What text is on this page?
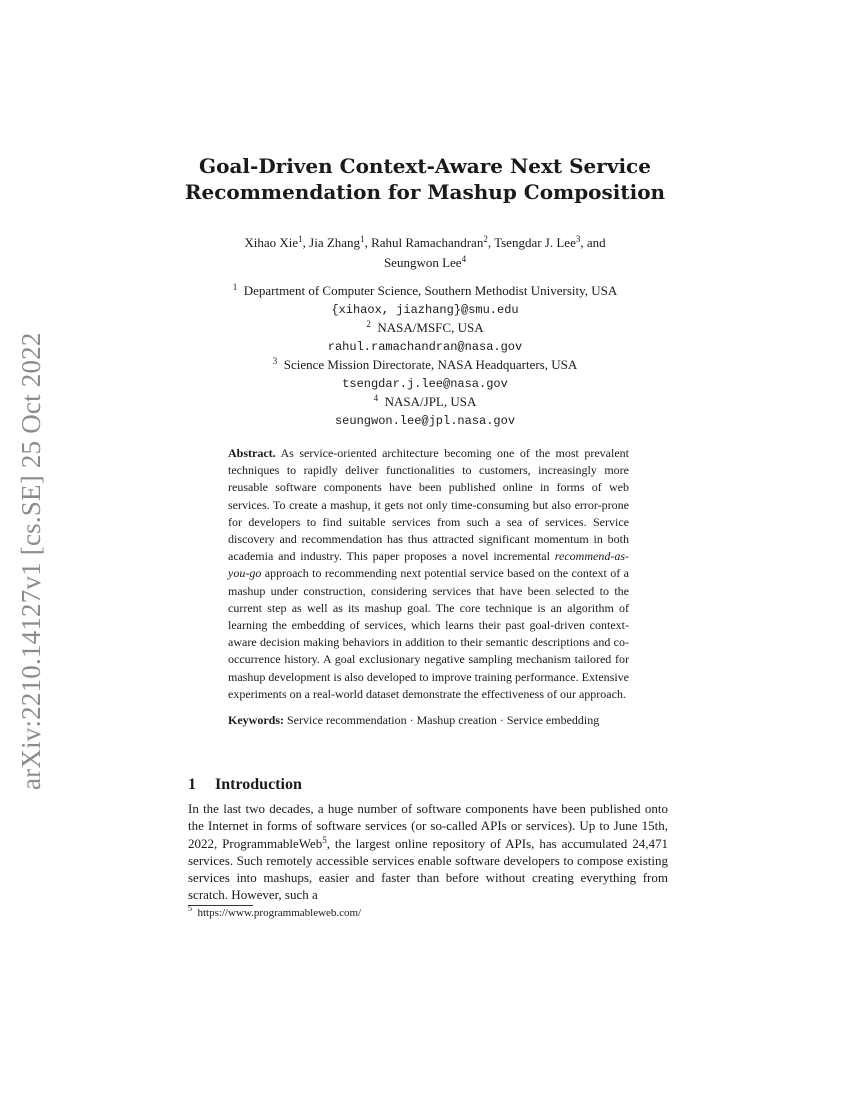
arXiv:2210.14127v1 [cs.SE] 25 Oct 2022
Goal-Driven Context-Aware Next Service
Recommendation for Mashup Composition
Xihao Xie$^1$, Jia Zhang$^1$, Rahul Ramachandran$^2$, Tsengdar J. Lee$^3$, and
Seungwon Lee$^4$
$^1$ Department of Computer Science, Southern Methodist University, USA
{xihaox, jiazhang}@smu.edu
$^2$ NASA/MSFC, USA
rahul.ramachandran@nasa.gov
$^3$ Science Mission Directorate, NASA Headquarters, USA
tsengdar.j.lee@nasa.gov
$^4$ NASA/JPL, USA
seungwon.lee@jpl.nasa.gov
Abstract. As service-oriented architecture becoming one of the most prevalent techniques to rapidly deliver functionalities to customers, increasingly more reusable software components have been published online in forms of web services. To create a mashup, it gets not only time-consuming but also error-prone for developers to find suitable services from such a sea of services. Service discovery and recommendation has thus attracted significant momentum in both academia and industry. This paper proposes a novel incremental recommend-as-you-go approach to recommending next potential service based on the context of a mashup under construction, considering services that have been selected to the current step as well as its mashup goal. The core technique is an algorithm of learning the embedding of services, which learns their past goal-driven context-aware decision making behaviors in addition to their semantic descriptions and co-occurrence history. A goal exclusionary negative sampling mechanism tailored for mashup development is also developed to improve training performance. Extensive experiments on a real-world dataset demonstrate the effectiveness of our approach.
Keywords: Service recommendation · Mashup creation · Service embedding
1 Introduction
In the last two decades, a huge number of software components have been published onto the Internet in forms of software services (or so-called APIs or services). Up to June 15th, 2022, ProgrammableWeb$^5$, the largest online repository of APIs, has accumulated 24,471 services. Such remotely accessible services enable software developers to compose existing services into mashups, easier and faster than before without creating everything from scratch. However, such a
$^5$ https://www.programmableweb.com/
